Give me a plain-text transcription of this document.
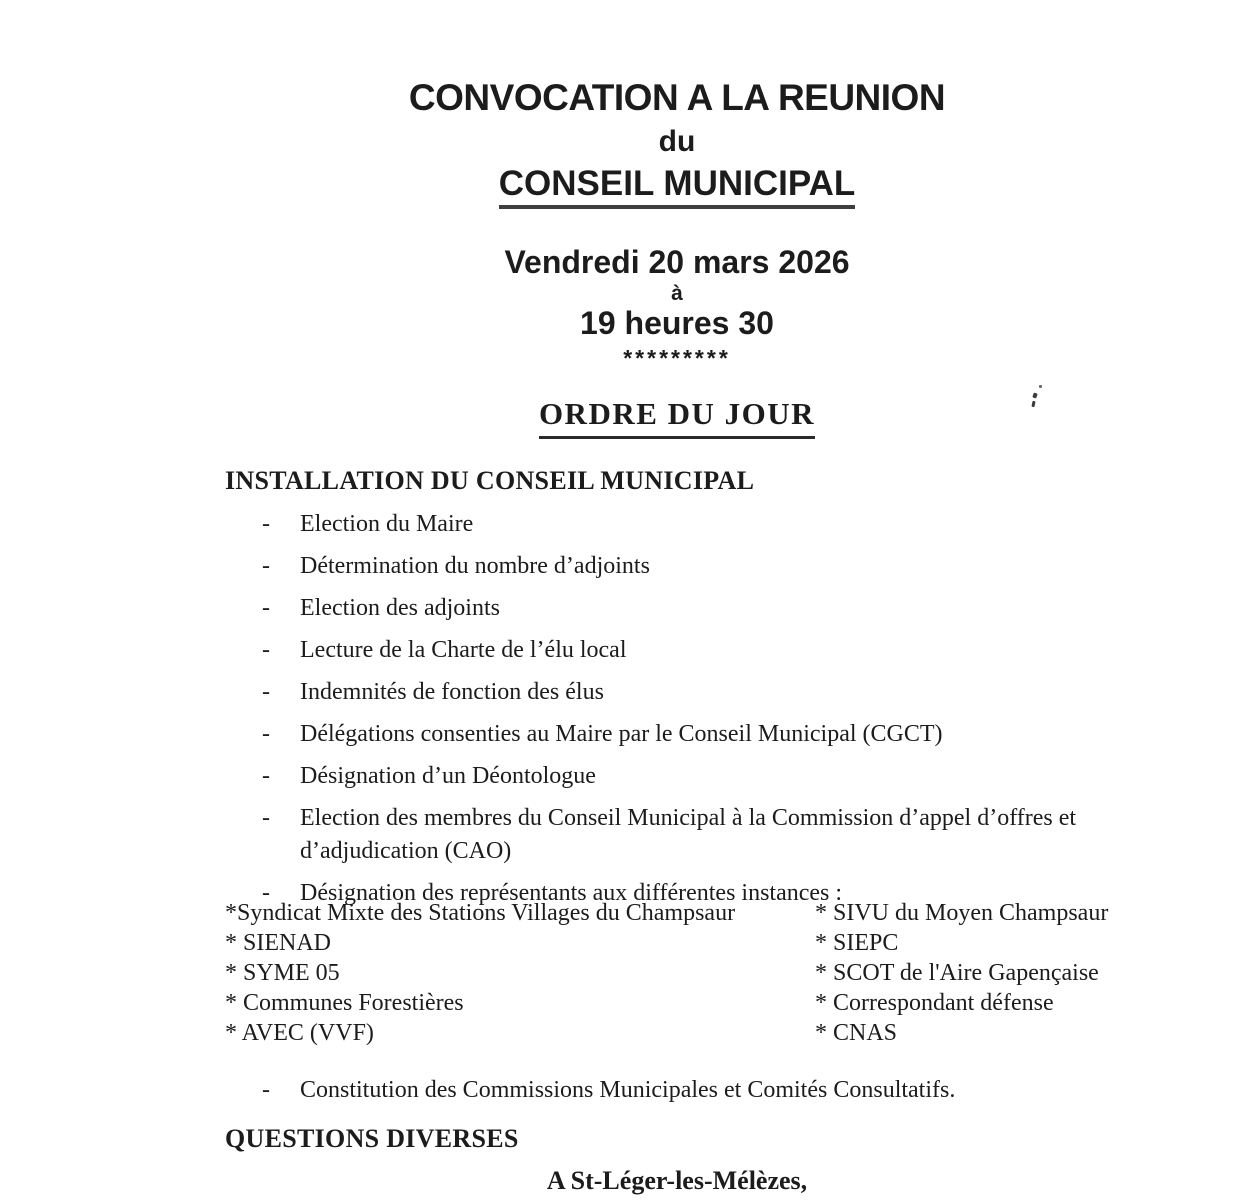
CONVOCATION A LA REUNION
du
CONSEIL MUNICIPAL
Vendredi 20 mars 2026
à
19 heures 30
*********
ORDRE DU JOUR
INSTALLATION DU CONSEIL MUNICIPAL
- Election du Maire
- Détermination du nombre d’adjoints
- Election des adjoints
- Lecture de la Charte de l’élu local
- Indemnités de fonction des élus
- Délégations consenties au Maire par le Conseil Municipal (CGCT)
- Désignation d’un Déontologue
- Election des membres du Conseil Municipal à la Commission d’appel d’offres et d’adjudication (CAO)
- Désignation des représentants aux différentes instances :
*Syndicat Mixte des Stations Villages du Champsaur
* SIENAD
* SYME 05
* Communes Forestières
* AVEC (VVF)
* SIVU du Moyen Champsaur
* SIEPC
* SCOT de l'Aire Gapençaise
* Correspondant défense
* CNAS
- Constitution des Commissions Municipales et Comités Consultatifs.
QUESTIONS DIVERSES
A St-Léger-les-Mélèzes,
